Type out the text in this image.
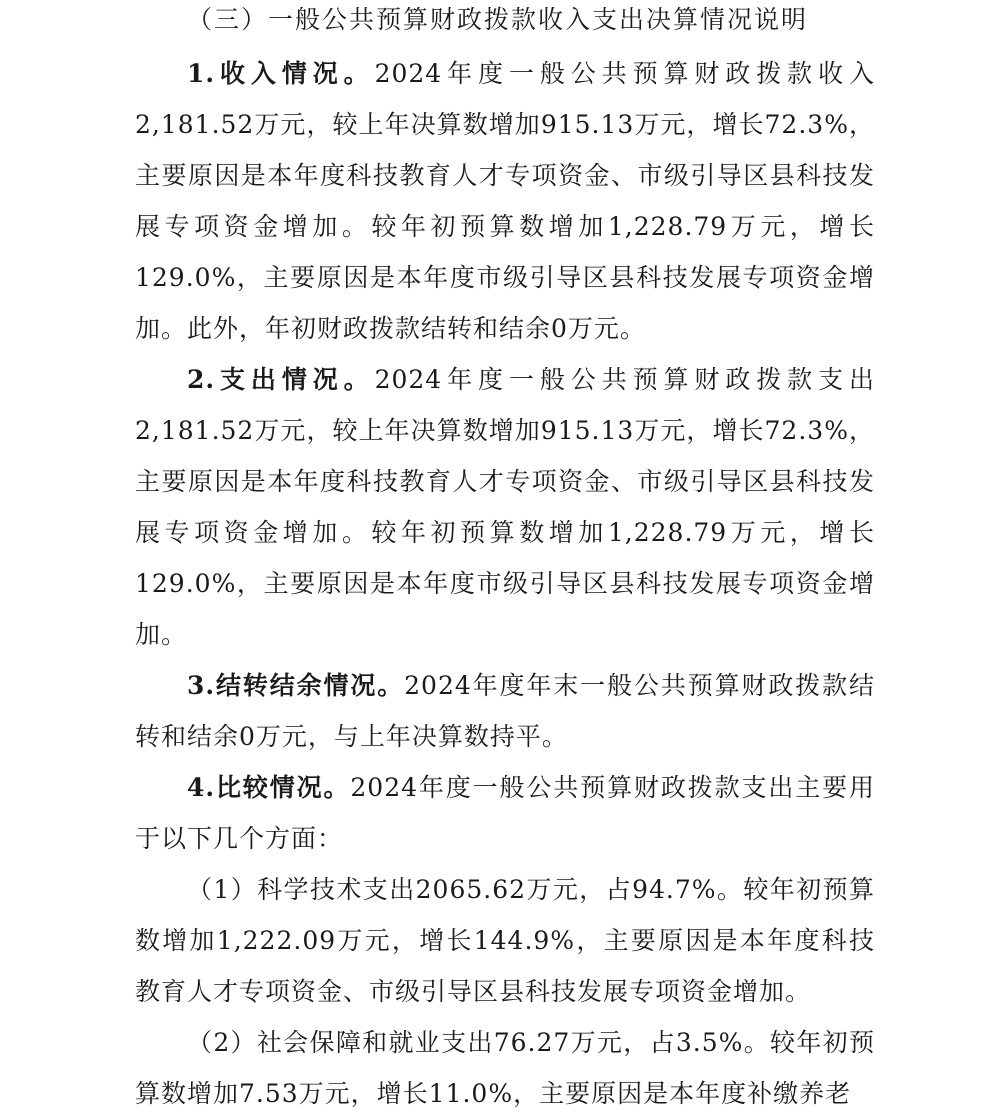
（三）一般公共预算财政拨款收入支出决算情况说明

1.收入情况。2024年度一般公共预算财政拨款收入2,181.52万元，较上年决算数增加915.13万元，增长72.3%，主要原因是本年度科技教育人才专项资金、市级引导区县科技发展专项资金增加。较年初预算数增加1,228.79万元，增长129.0%，主要原因是本年度市级引导区县科技发展专项资金增加。此外，年初财政拨款结转和结余0万元。

2.支出情况。2024年度一般公共预算财政拨款支出2,181.52万元，较上年决算数增加915.13万元，增长72.3%，主要原因是本年度科技教育人才专项资金、市级引导区县科技发展专项资金增加。较年初预算数增加1,228.79万元，增长129.0%，主要原因是本年度市级引导区县科技发展专项资金增加。

3.结转结余情况。2024年度年末一般公共预算财政拨款结转和结余0万元，与上年决算数持平。

4.比较情况。2024年度一般公共预算财政拨款支出主要用于以下几个方面：

（1）科学技术支出2065.62万元，占94.7%。较年初预算数增加1,222.09万元，增长144.9%，主要原因是本年度科技教育人才专项资金、市级引导区县科技发展专项资金增加。

（2）社会保障和就业支出76.27万元，占3.5%。较年初预算数增加7.53万元，增长11.0%，主要原因是本年度补缴养老
